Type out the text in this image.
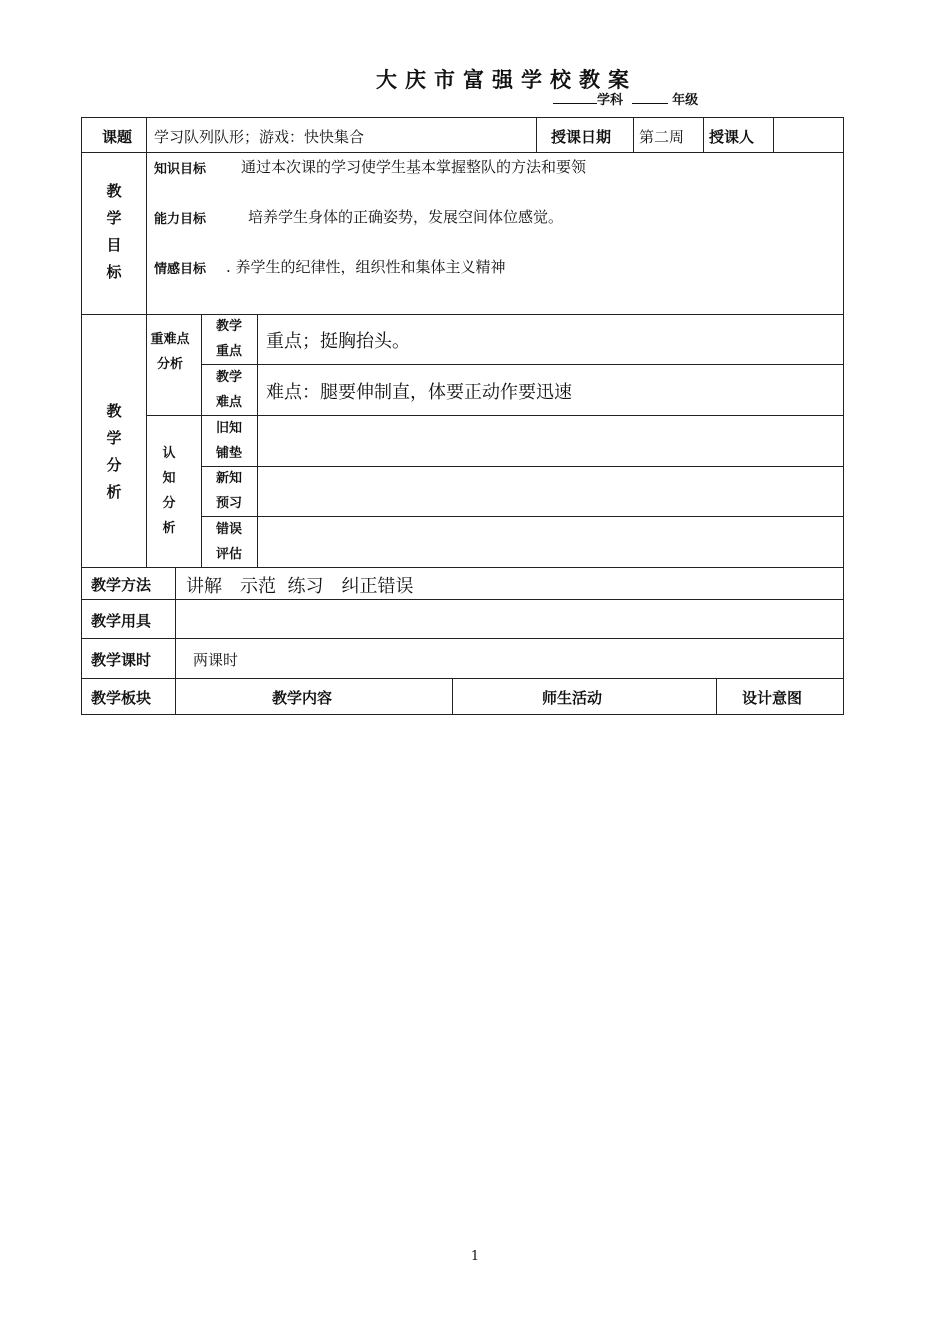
大庆市富强学校教案
学科	年级
课题 学习队列队形；游戏：快快集合	授课日期 第二周 授课人
教学目标
知识目标 通过本次课的学习使学生基本掌握整队的方法和要领
能力目标	培养学生身体的正确姿势，发展空间体位感觉。
情感目标 . 养学生的纪律性，组织性和集体主义精神
教学分析
重难点分析
教学重点 重点；挺胸抬头。
教学难点 难点：腿要伸制直，体要正动作要迅速
认知分析
旧知铺垫
新知预习
错误评估
教学方法 讲解　示范  练习　纠正错误
教学用具
教学课时	两课时
教学板块	教学内容	师生活动	设计意图
1
